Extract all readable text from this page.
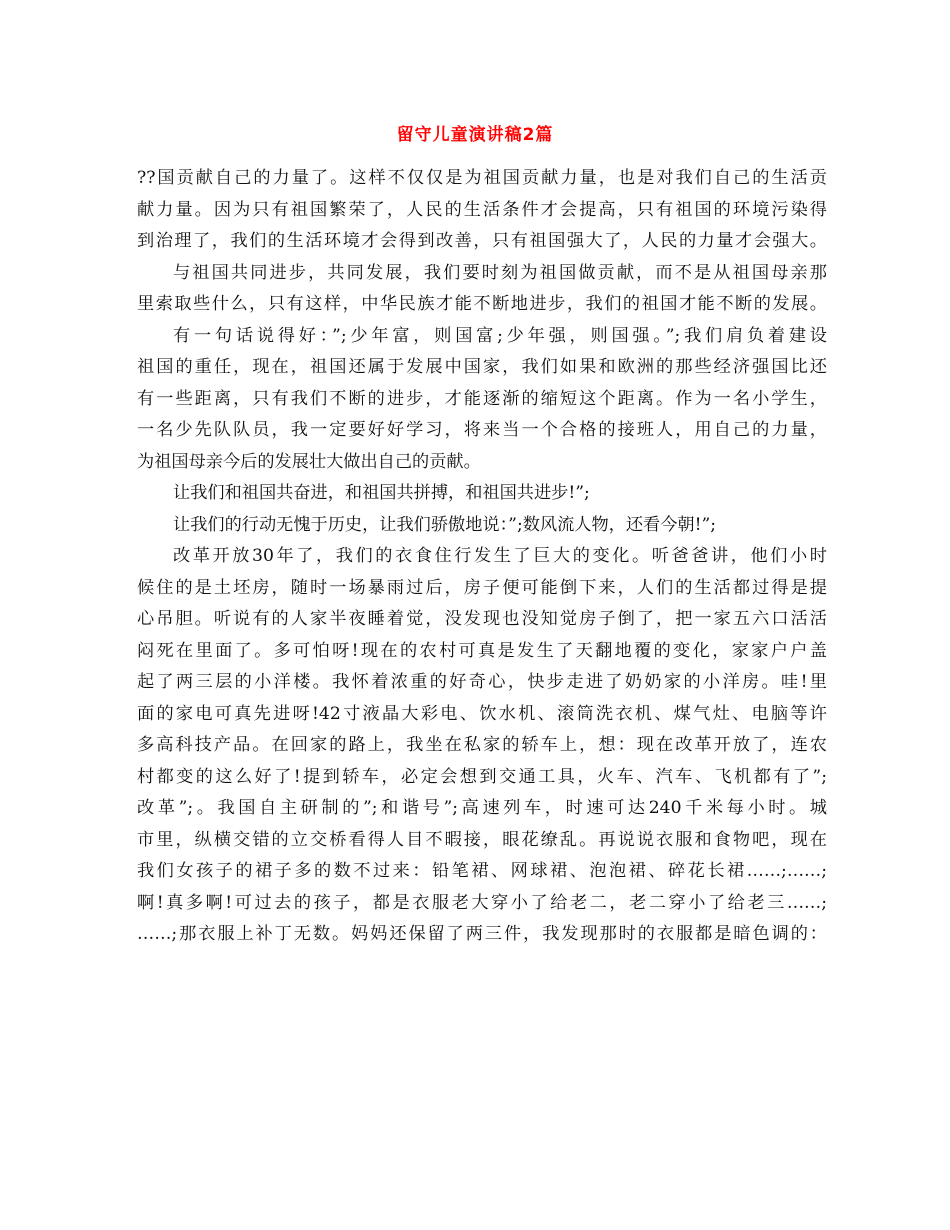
留守儿童演讲稿2篇
??国贡献自己的力量了。这样不仅仅是为祖国贡献力量，也是对我们自己的生活贡
献力量。因为只有祖国繁荣了，人民的生活条件才会提高，只有祖国的环境污染得
到治理了，我们的生活环境才会得到改善，只有祖国强大了，人民的力量才会强大。
与祖国共同进步，共同发展，我们要时刻为祖国做贡献，而不是从祖国母亲那
里索取些什么，只有这样，中华民族才能不断地进步，我们的祖国才能不断的发展。
有一句话说得好：”;少年富，则国富;少年强，则国强。”;我们肩负着建设
祖国的重任，现在，祖国还属于发展中国家，我们如果和欧洲的那些经济强国比还
有一些距离，只有我们不断的进步，才能逐渐的缩短这个距离。作为一名小学生，
一名少先队队员，我一定要好好学习，将来当一个合格的接班人，用自己的力量，
为祖国母亲今后的发展壮大做出自己的贡献。
让我们和祖国共奋进，和祖国共拼搏，和祖国共进步!”;
让我们的行动无愧于历史，让我们骄傲地说：”;数风流人物，还看今朝!”;
改革开放30年了，我们的衣食住行发生了巨大的变化。听爸爸讲，他们小时
候住的是土坯房，随时一场暴雨过后，房子便可能倒下来，人们的生活都过得是提
心吊胆。听说有的人家半夜睡着觉，没发现也没知觉房子倒了，把一家五六口活活
闷死在里面了。多可怕呀!现在的农村可真是发生了天翻地覆的变化，家家户户盖
起了两三层的小洋楼。我怀着浓重的好奇心，快步走进了奶奶家的小洋房。哇!里
面的家电可真先进呀!42寸液晶大彩电、饮水机、滚筒洗衣机、煤气灶、电脑等许
多高科技产品。在回家的路上，我坐在私家的轿车上，想：现在改革开放了，连农
村都变的这么好了!提到轿车，必定会想到交通工具，火车、汽车、飞机都有了”;
改革”;。我国自主研制的”;和谐号”;高速列车，时速可达240千米每小时。城
市里，纵横交错的立交桥看得人目不暇接，眼花缭乱。再说说衣服和食物吧，现在
我们女孩子的裙子多的数不过来：铅笔裙、网球裙、泡泡裙、碎花长裙……;……;
啊!真多啊!可过去的孩子，都是衣服老大穿小了给老二，老二穿小了给老三……;
……;那衣服上补丁无数。妈妈还保留了两三件，我发现那时的衣服都是暗色调的：
